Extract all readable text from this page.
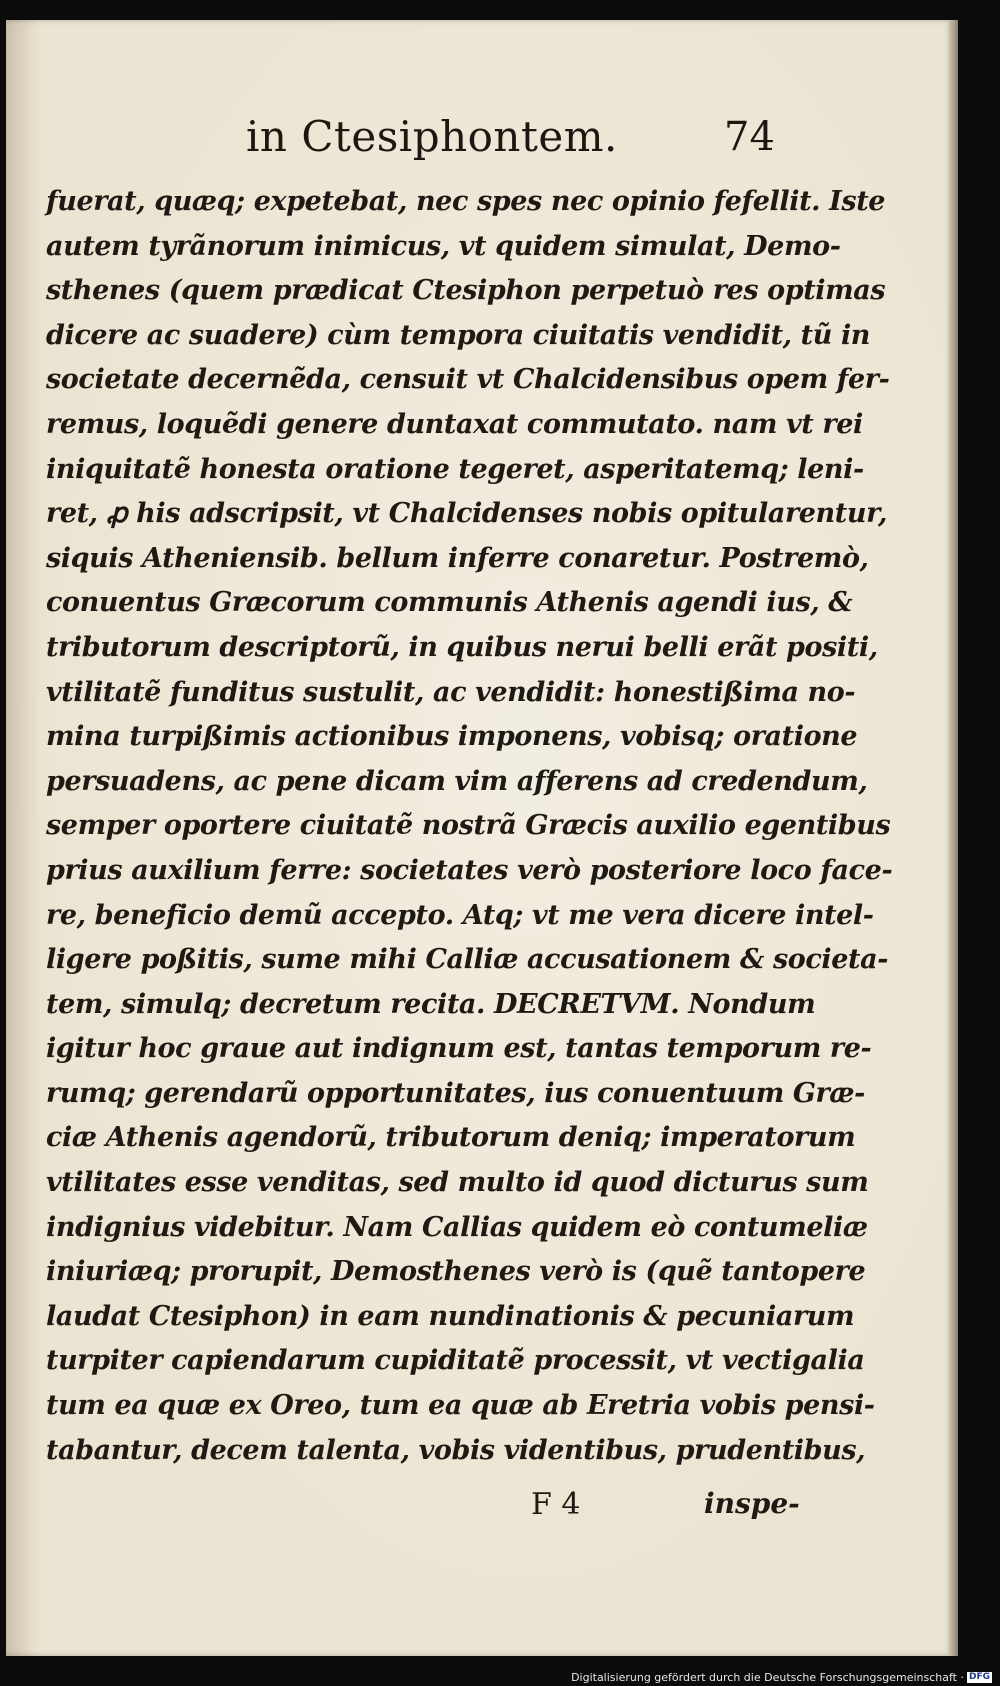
in Ctesiphontem.	74
fuerat, quæq; expetebat, nec spes nec opinio fefellit. Iste
autem tyrãnorum inimicus, vt quidem simulat, Demo-
sthenes (quem prædicat Ctesiphon perpetuò res optimas
dicere ac suadere) cùm tempora ciuitatis vendidit, tũ in
societate decernẽda, censuit vt Chalcidensibus opem fer-
remus, loquẽdi genere duntaxat commutato. nam vt rei
iniquitatẽ honesta oratione tegeret, asperitatemq; leni-
ret, ꝓ his adscripsit, vt Chalcidenses nobis opitularentur,
siquis Atheniensib. bellum inferre conaretur. Postremò,
conuentus Græcorum communis Athenis agendi ius, &
tributorum descriptorũ, in quibus nerui belli erãt positi,
vtilitatẽ funditus sustulit, ac vendidit: honestißima no-
mina turpißimis actionibus imponens, vobisq; oratione
persuadens, ac pene dicam vim afferens ad credendum,
semper oportere ciuitatẽ nostrã Græcis auxilio egentibus
prius auxilium ferre: societates verò posteriore loco face-
re, beneficio demũ accepto. Atq; vt me vera dicere intel-
ligere poßitis, sume mihi Calliæ accusationem & societa-
tem, simulq; decretum recita. DECRETVM. Nondum
igitur hoc graue aut indignum est, tantas temporum re-
rumq; gerendarũ opportunitates, ius conuentuum Græ-
ciæ Athenis agendorũ, tributorum deniq; imperatorum
vtilitates esse venditas, sed multo id quod dicturus sum
indignius videbitur. Nam Callias quidem eò contumeliæ
iniuriæq; prorupit, Demosthenes verò is (quẽ tantopere
laudat Ctesiphon) in eam nundinationis & pecuniarum
turpiter capiendarum cupiditatẽ processit, vt vectigalia
tum ea quæ ex Oreo, tum ea quæ ab Eretria vobis pensi-
tabantur, decem talenta, vobis videntibus, prudentibus,
F 4	inspe-
Digitalisierung gefördert durch die Deutsche Forschungsgemeinschaft · DFG
